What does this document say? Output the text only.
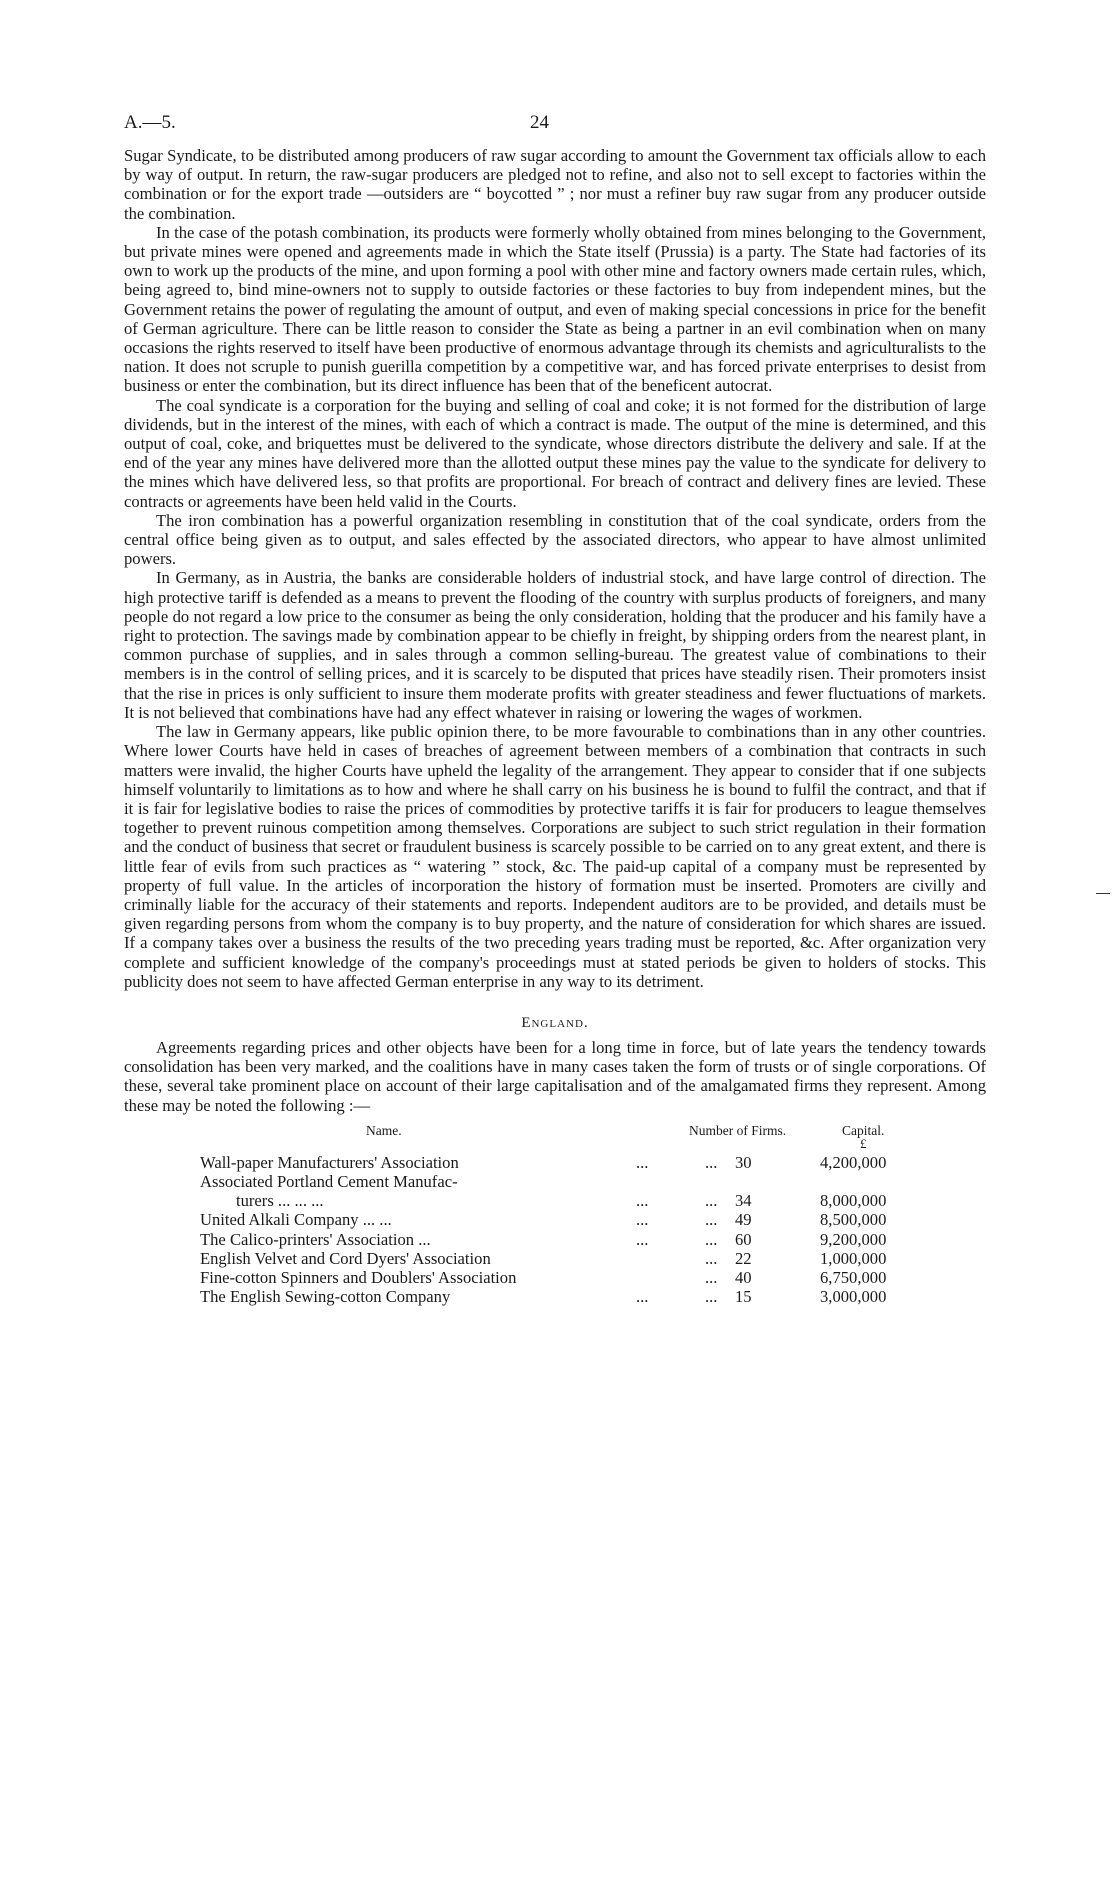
A.—5.	24

Sugar Syndicate, to be distributed among producers of raw sugar according to amount the Government tax officials allow to each by way of output. In return, the raw-sugar producers are pledged not to refine, and also not to sell except to factories within the combination or for the export trade —outsiders are “ boycotted ” ; nor must a refiner buy raw sugar from any producer outside the combination.

In the case of the potash combination, its products were formerly wholly obtained from mines belonging to the Government, but private mines were opened and agreements made in which the State itself (Prussia) is a party. The State had factories of its own to work up the products of the mine, and upon forming a pool with other mine and factory owners made certain rules, which, being agreed to, bind mine-owners not to supply to outside factories or these factories to buy from independent mines, but the Government retains the power of regulating the amount of output, and even of making special concessions in price for the benefit of German agriculture. There can be little reason to consider the State as being a partner in an evil combination when on many occasions the rights reserved to itself have been productive of enormous advantage through its chemists and agriculturalists to the nation. It does not scruple to punish guerilla competition by a competitive war, and has forced private enterprises to desist from business or enter the combination, but its direct influence has been that of the beneficent autocrat.

The coal syndicate is a corporation for the buying and selling of coal and coke; it is not formed for the distribution of large dividends, but in the interest of the mines, with each of which a contract is made. The output of the mine is determined, and this output of coal, coke, and briquettes must be delivered to the syndicate, whose directors distribute the delivery and sale. If at the end of the year any mines have delivered more than the allotted output these mines pay the value to the syndicate for delivery to the mines which have delivered less, so that profits are proportional. For breach of contract and delivery fines are levied. These contracts or agreements have been held valid in the Courts.

The iron combination has a powerful organization resembling in constitution that of the coal syndicate, orders from the central office being given as to output, and sales effected by the associated directors, who appear to have almost unlimited powers.

In Germany, as in Austria, the banks are considerable holders of industrial stock, and have large control of direction. The high protective tariff is defended as a means to prevent the flooding of the country with surplus products of foreigners, and many people do not regard a low price to the consumer as being the only consideration, holding that the producer and his family have a right to protection. The savings made by combination appear to be chiefly in freight, by shipping orders from the nearest plant, in common purchase of supplies, and in sales through a common selling-bureau. The greatest value of combinations to their members is in the control of selling prices, and it is scarcely to be disputed that prices have steadily risen. Their promoters insist that the rise in prices is only sufficient to insure them moderate profits with greater steadiness and fewer fluctuations of markets. It is not believed that combinations have had any effect whatever in raising or lowering the wages of workmen.

The law in Germany appears, like public opinion there, to be more favourable to combinations than in any other countries. Where lower Courts have held in cases of breaches of agreement between members of a combination that contracts in such matters were invalid, the higher Courts have upheld the legality of the arrangement. They appear to consider that if one subjects himself voluntarily to limitations as to how and where he shall carry on his business he is bound to fulfil the contract, and that if it is fair for legislative bodies to raise the prices of commodities by protective tariffs it is fair for producers to league themselves together to prevent ruinous competition among themselves. Corporations are subject to such strict regulation in their formation and the conduct of business that secret or fraudulent business is scarcely possible to be carried on to any great extent, and there is little fear of evils from such practices as “ watering ” stock, &c. The paid-up capital of a company must be represented by property of full value. In the articles of incorporation the history of formation must be inserted. Promoters are civilly and criminally liable for the accuracy of their statements and reports. Independent auditors are to be provided, and details must be given regarding persons from whom the company is to buy property, and the nature of consideration for which shares are issued. If a company takes over a business the results of the two preceding years trading must be reported, &c. After organization very complete and sufficient knowledge of the company's proceedings must at stated periods be given to holders of stocks. This publicity does not seem to have affected German enterprise in any way to its detriment.

England.

Agreements regarding prices and other objects have been for a long time in force, but of late years the tendency towards consolidation has been very marked, and the coalitions have in many cases taken the form of trusts or of single corporations. Of these, several take prominent place on account of their large capitalisation and of the amalgamated firms they represent. Among these may be noted the following :—

Name.	Number of Firms.	Capital.
£
Wall-paper Manufacturers' Association	...	... 30	4,200,000
Associated Portland Cement Manufac-
turers ... ... ...	...	... 34	8,000,000
United Alkali Company ... ...	...	... 49	8,500,000
The Calico-printers' Association ...	...	... 60	9,200,000
English Velvet and Cord Dyers' Association	... 22	1,000,000
Fine-cotton Spinners and Doublers' Association	... 40	6,750,000
The English Sewing-cotton Company	...	... 15	3,000,000
